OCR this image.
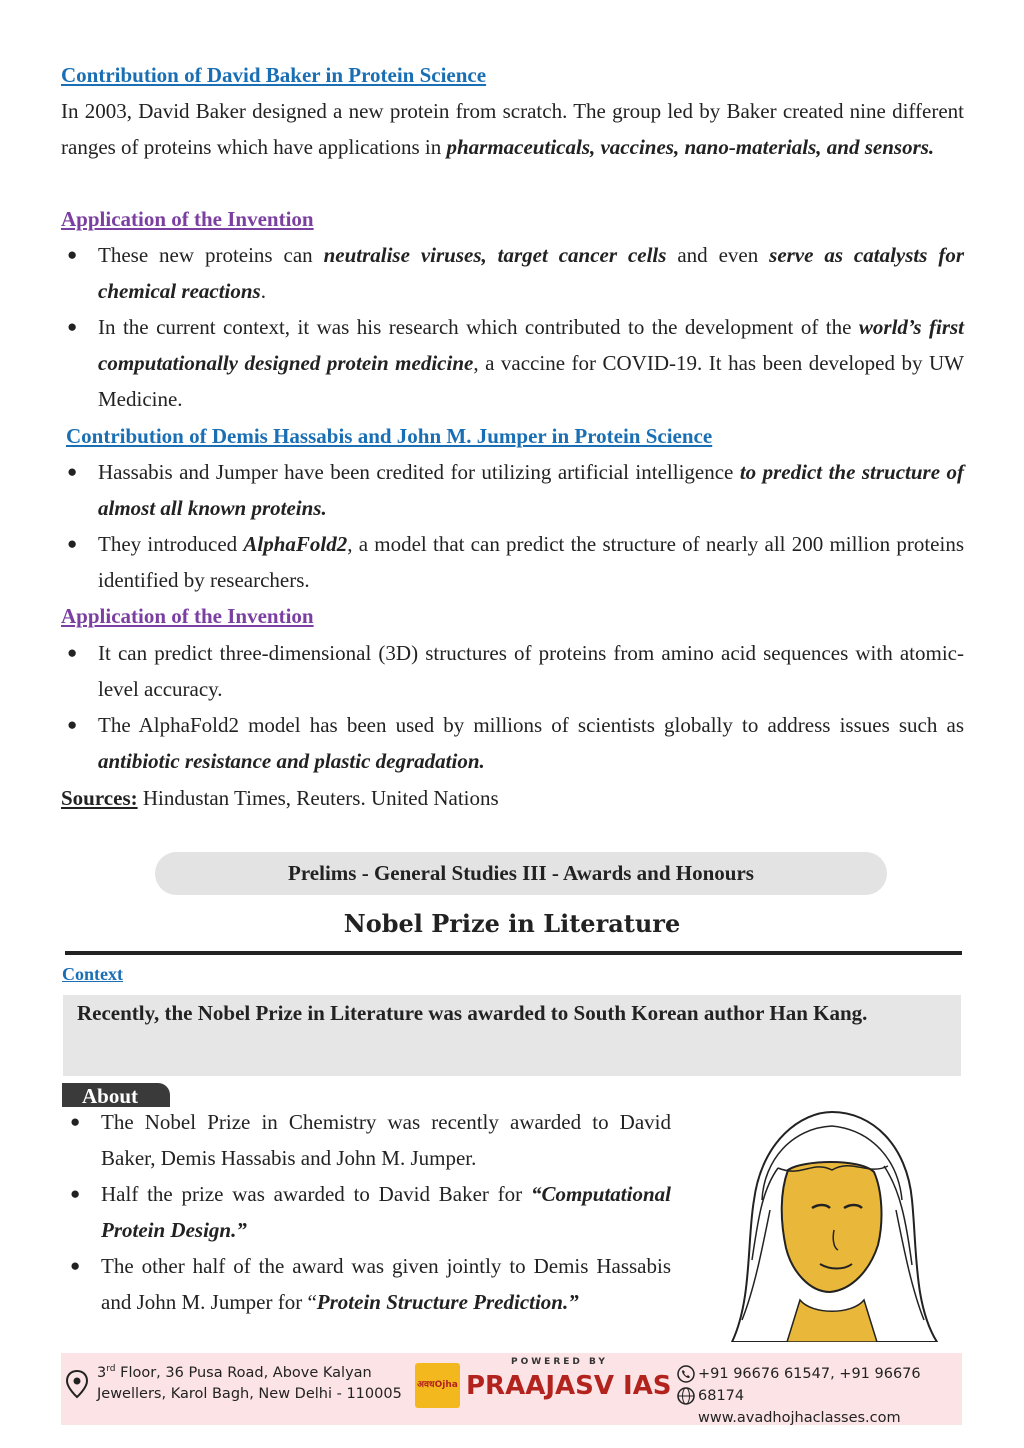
Contribution of David Baker in Protein Science
In 2003, David Baker designed a new protein from scratch. The group led by Baker created nine different ranges of proteins which have applications in pharmaceuticals, vaccines, nano-materials, and sensors.
Application of the Invention
● These new proteins can neutralise viruses, target cancer cells and even serve as catalysts for chemical reactions.
● In the current context, it was his research which contributed to the development of the world’s first computationally designed protein medicine, a vaccine for COVID-19. It has been developed by UW Medicine.
Contribution of Demis Hassabis and John M. Jumper in Protein Science
● Hassabis and Jumper have been credited for utilizing artificial intelligence to predict the structure of almost all known proteins.
● They introduced AlphaFold2, a model that can predict the structure of nearly all 200 million proteins identified by researchers.
Application of the Invention
● It can predict three-dimensional (3D) structures of proteins from amino acid sequences with atomic-level accuracy.
● The AlphaFold2 model has been used by millions of scientists globally to address issues such as antibiotic resistance and plastic degradation.
Sources: Hindustan Times, Reuters. United Nations
Prelims - General Studies III - Awards and Honours
Nobel Prize in Literature
Context
Recently, the Nobel Prize in Literature was awarded to South Korean author Han Kang.
About
● The Nobel Prize in Chemistry was recently awarded to David Baker, Demis Hassabis and John M. Jumper.
● Half the prize was awarded to David Baker for “Computational Protein Design.”
● The other half of the award was given jointly to Demis Hassabis and John M. Jumper for “Protein Structure Prediction.”
3rd Floor, 36 Pusa Road, Above Kalyan
Jewellers, Karol Bagh, New Delhi - 110005
अवधOjha
POWERED BY
PRAAJASV IAS +91 96676 61547, +91 96676 68174
www.avadhojhaclasses.com
